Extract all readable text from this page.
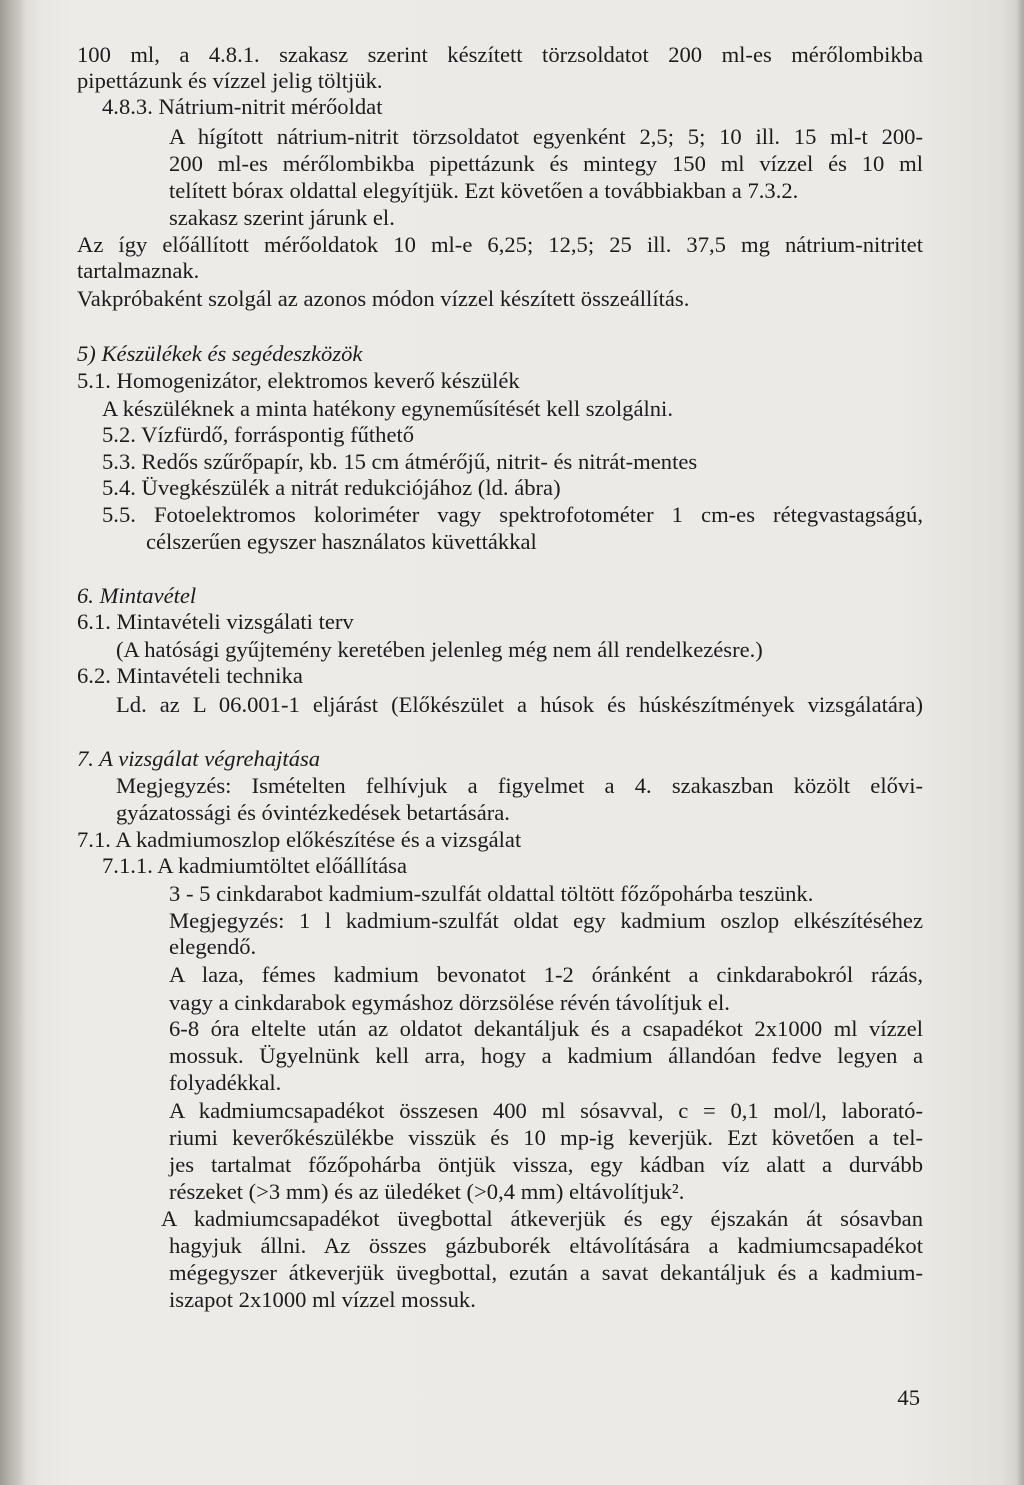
100 ml, a 4.8.1. szakasz szerint készített törzsoldatot 200 ml-es mérőlombikba

pipettázunk és vízzel jelig töltjük.

4.8.3. Nátrium-nitrit mérőoldat

A hígított nátrium-nitrit törzsoldatot egyenként 2,5; 5; 10 ill. 15 ml-t 200-

200 ml-es mérőlombikba pipettázunk és mintegy 150 ml vízzel és 10 ml

telített bórax oldattal elegyítjük. Ezt követően a továbbiakban a 7.3.2.

szakasz szerint járunk el.

Az így előállított mérőoldatok 10 ml-e 6,25; 12,5; 25 ill. 37,5 mg nátrium-nitritet

tartalmaznak.

Vakpróbaként szolgál az azonos módon vízzel készített összeállítás.

5) Készülékek és segédeszközök

5.1. Homogenizátor, elektromos keverő készülék

A készüléknek a minta hatékony egyneműsítését kell szolgálni.

5.2. Vízfürdő, forráspontig fűthető

5.3. Redős szűrőpapír, kb. 15 cm átmérőjű, nitrit- és nitrát-mentes

5.4. Üvegkészülék a nitrát redukciójához (ld. ábra)

5.5. Fotoelektromos koloriméter vagy spektrofotométer 1 cm-es rétegvastagságú,

célszerűen egyszer használatos küvettákkal

6. Mintavétel

6.1. Mintavételi vizsgálati terv

(A hatósági gyűjtemény keretében jelenleg még nem áll rendelkezésre.)

6.2. Mintavételi technika

Ld. az L 06.001-1 eljárást (Előkészület a húsok és húskészítmények vizsgálatára)

7. A vizsgálat végrehajtása

Megjegyzés: Ismételten felhívjuk a figyelmet a 4. szakaszban közölt elővi-

gyázatossági és óvintézkedések betartására.

7.1. A kadmiumoszlop előkészítése és a vizsgálat

7.1.1. A kadmiumtöltet előállítása

3 - 5 cinkdarabot kadmium-szulfát oldattal töltött főzőpohárba teszünk.

Megjegyzés: 1 l kadmium-szulfát oldat egy kadmium oszlop elkészítéséhez

elegendő.

A laza, fémes kadmium bevonatot 1-2 óránként a cinkdarabokról rázás,

vagy a cinkdarabok egymáshoz dörzsölése révén távolítjuk el.

6-8 óra eltelte után az oldatot dekantáljuk és a csapadékot 2x1000 ml vízzel

mossuk. Ügyelnünk kell arra, hogy a kadmium állandóan fedve legyen a

folyadékkal.

A kadmiumcsapadékot összesen 400 ml sósavval, c = 0,1 mol/l, laborató-

riumi keverőkészülékbe visszük és 10 mp-ig keverjük. Ezt követően a tel-

jes tartalmat főzőpohárba öntjük vissza, egy kádban víz alatt a durvább

részeket (>3 mm) és az üledéket (>0,4 mm) eltávolítjuk².

A kadmiumcsapadékot üvegbottal átkeverjük és egy éjszakán át sósavban

hagyjuk állni. Az összes gázbuborék eltávolítására a kadmiumcsapadékot

mégegyszer átkeverjük üvegbottal, ezután a savat dekantáljuk és a kadmium-

iszapot 2x1000 ml vízzel mossuk.

45
